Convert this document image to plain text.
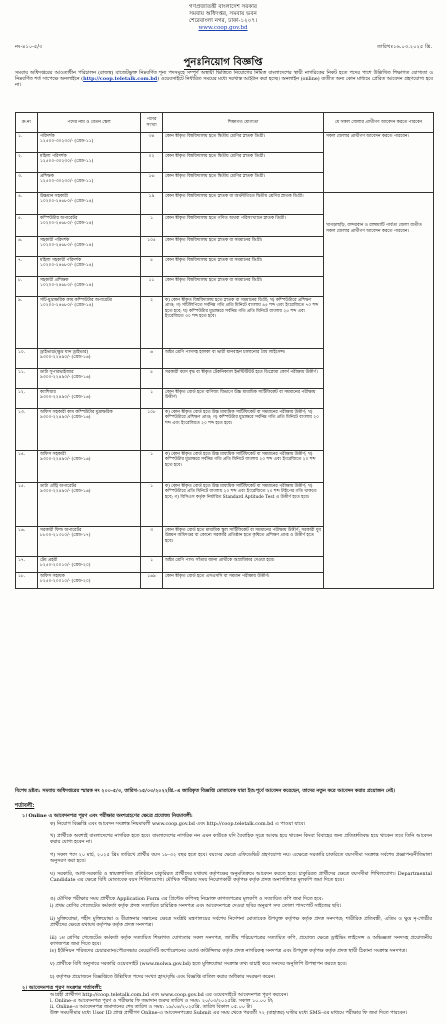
গণপ্রজাতন্ত্রী বাংলাদেশ সরকার
সমবায় অধিদপ্তর, সমবায় ভবন
শেরেবাংলা নগর, ঢাকা-১২০৭।
www.coop.gov.bd
নং-৪১০-৫/৩	তারিখঃ১৬.০৩.২০২৫ খ্রি.
পুনঃনিয়োগ বিজ্ঞপ্তি
সমবায় অধিদপ্তরের আওতাধীন পরিচালন (রাজস্ব) বাজেটভুক্ত নিম্নবর্ণিত শূন্য পদসমূহে সম্পূর্ণ অস্থায়ী ভিত্তিতে নিয়োগের নিমিত্ত বাংলাদেশের স্থায়ী নাগরিকের নিকট হতে পদের পাশে উল্লিখিত শিক্ষাগত যোগ্যতা ও নিম্নবর্ণিত শর্ত সাপেক্ষে অনলাইনে (http://coop.teletalk.com.bd) ওয়েবসাইটে নির্ধারিত সময়ের মধ্যে দরখাস্ত আহ্বান করা হচ্ছে। অনলাইন (online) ব্যতীত অন্য কোন মাধ্যমে প্রেরিত আবেদন গ্রহণযোগ্য হবে না।
ক্র.নং	পদের নাম ও বেতন স্কেল	পদের সংখ্যা	শিক্ষাগত যোগ্যতা	যে সকল জেলার প্রার্থীগণ আবেদন করতে পারবেন
১.	পরিদর্শক
১২৫০০-৩০২৩০/- (গ্রেড-১১)	৩৪	কোন স্বীকৃত বিশ্ববিদ্যালয় হতে দ্বিতীয় শ্রেণির স্নাতক ডিগ্রী।	সকল জেলার প্রার্থীগণ আবেদন করতে পারবেন।
২.	মহিলা পরিদর্শক
১২৫০০-৩০২৩০/- (গ্রেড-১১)	০২	কোন স্বীকৃত বিশ্ববিদ্যালয় হতে দ্বিতীয় শ্রেণির স্নাতক ডিগ্রী।	
৩.	প্রশিক্ষক
১২৫০০-৩০২৩০/- (গ্রেড-১১)	১৬	কোন স্বীকৃত বিশ্ববিদ্যালয় হতে দ্বিতীয় শ্রেণির স্নাতক ডিগ্রী।	
৪.	উচ্চমান সহকারী
১০২০০-২৪৬৮০/- (গ্রেড-১৪)	১৯	কোন স্বীকৃত বিশ্ববিদ্যালয় হতে স্নাতক বা অর্থনীতিতে দ্বিতীয় শ্রেণির স্নাতক ডিগ্রী।	খাগড়াছড়ি, বান্দরবান ও রাঙ্গামাটি পার্বত্য জেলা ব্যতীত সকল জেলার প্রার্থীগণ আবেদন করতে পারবেন।
৫.	কম্পিউটার অপারেটর
১০২০০-২৪৬৮০/- (গ্রেড-১৪)	১	কোন স্বীকৃত বিশ্ববিদ্যালয় হতে গণিত অথবা পরিসংখ্যানে স্নাতক ডিগ্রী।	
৬.	সহকারী পরিদর্শক
১০২০০-২৪৬৮০/- (গ্রেড-১৪)	১০৫	কোন স্বীকৃত বিশ্ববিদ্যালয় হতে স্নাতক বা সমমানের ডিগ্রী।	
৭.	মহিলা সহকারী পরিদর্শক
১০২০০-২৪৬৮০/- (গ্রেড-১৪)	৫	কোন স্বীকৃত বিশ্ববিদ্যালয় হতে স্নাতক বা সমমানের ডিগ্রী।	
৮.	সহকারী প্রশিক্ষক
১০২০০-২৪৬৮০/- (গ্রেড-১৪)	১১	কোন স্বীকৃত বিশ্ববিদ্যালয় হতে স্নাতক বা সমমানের ডিগ্রী।	
৯.	সাঁট-মুদ্রাক্ষরিক কাম কম্পিউটার অপারেটর
১০২০০-২৪৬৮০/- (গ্রেড-১৪)	২	ক) কোন স্বীকৃত বিশ্ববিদ্যালয় হতে স্নাতক বা সমমানের ডিগ্রী; খ) কম্পিউটারে প্রশিক্ষণ প্রাপ্ত; গ) সাঁটলিপিতে সর্বনিম্ন গতি প্রতি মিনিটে বাংলায় ৪৫ শব্দ এবং ইংরেজিতে ৭০ শব্দ হতে হবে; ঘ) কম্পিউটার মুদ্রাক্ষরে সর্বনিম্ন গতি প্রতি মিনিটে বাংলায় ২৫ শব্দ এবং ইংরেজিতে ৩০ শব্দ হতে হবে।	
১০.	ড্রাইভার/(ক্ষুদ্র যান ড্রাইভার)
৯৩০০-২২৪৯০/- (গ্রেড-১৬)	৬	অষ্টম শ্রেণি পাসসহ হালকা বা ভারী যানবাহন চালানোর বৈধ লাইসেন্স।	
১১.	ডাটা সুপারভাইজার
৯৩০০-২২৪৯০/- (গ্রেড-১৬)	৫	সরকারী বয়স বৃদ্ধ বা স্বীকৃত টেকনিক্যাল ইনস্টিটিউট হতে ডিপ্লোমা কোর্স পরীক্ষায় উত্তীর্ণ।	
১২.	ক্যাশিয়ার
৯৩০০-২২৪৯০/- (গ্রেড-১৬)	১	কোন স্বীকৃত বোর্ড হতে বাণিজ্য বিভাগে উচ্চ মাধ্যমিক সার্টিফিকেট বা সমমানের পরীক্ষায় উত্তীর্ণ।	
১৩.	অফিস সহকারী কাম কম্পিউটার মুদ্রাক্ষরিক
৯৩০০-২২৪৯০/- (গ্রেড-১৬)	১০৮	ক) কোন স্বীকৃত বোর্ড হতে উচ্চ মাধ্যমিক সার্টিফিকেট বা সমমানের পরীক্ষায় উত্তীর্ণ; খ) কম্পিউটারে প্রশিক্ষণ প্রাপ্ত; গ) কম্পিউটার মুদ্রাক্ষরে সর্বনিম্ন গতি প্রতি মিনিটে বাংলায় ২০ শব্দ এবং ইংরেজিতে ২০ শব্দ হতে হবে।	
১৪.	অফিস সহকারী
৯৩০০-২২৪৯০/- (গ্রেড-১৬)	১	ক) কোন স্বীকৃত বোর্ড হতে উচ্চ মাধ্যমিক সার্টিফিকেট বা সমমানের পরীক্ষায় উত্তীর্ণ; খ) কম্পিউটার মুদ্রাক্ষরে সর্বনিম্ন গতি প্রতি মিনিটে বাংলায় ২০ শব্দ এবং ইংরেজিতে ২০ শব্দ হতে হবে।	
১৫.	ডাটা এন্ট্রি অপারেটর
৯৩০০-২২৪৯০/- (গ্রেড-১৬)	১	ক) কোন স্বীকৃত বোর্ড হতে উচ্চ মাধ্যমিক সার্টিফিকেট বা সমমানের পরীক্ষায় উত্তীর্ণ; খ) কম্পিউটারে প্রতি মিনিটে বাংলায় ২০ শব্দ এবং ইংরেজিতে ২০ শব্দ টাইপের গতি থাকতে হবে; গ) বিসিএস কর্তৃক নির্ধারিত Standard Aptitude Test এ উত্তীর্ণ হতে হবে।	
১৬.	সরকারী ফিল্ড অপারেটর
৮৮০০-২১৩১০/- (গ্রেড-১৭)	৩	কোন স্বীকৃত বোর্ড হতে মাধ্যমিক স্কুল সার্টিফিকেট বা সমমানের পরীক্ষায় উত্তীর্ণ; সরকারী যুব উন্নয়ন অধিদপ্তর বা কোনো সরকারি প্রতিষ্ঠান হতে কৃষিতে প্রশিক্ষণ প্রাপ্ত ও উত্তীর্ণ হতে হবে।	
১৭.	টেম প্রহরী
৮২৫০-২০০১০/- (গ্রেড-২০)	১	অষ্টম শ্রেণি পাস। সাঁতার জানা প্রার্থীকে অগ্রাধিকার দেওয়া হবে।	
১৮.	অফিস সহায়ক
৮২৫০-২০০১০/- (গ্রেড-২০)	১৬৯	কোন স্বীকৃত বোর্ড হতে এসএসসি বা সমমান পরীক্ষায় উত্তীর্ণ।	
বিশেষ দ্রষ্টব্য: সমবায় অধিদপ্তরের স্মারক নং ২০০-৫/৩, তারিখ-১৫/০৩/২০২২খ্রি.-এ জারিকৃত বিজ্ঞপ্তি মোতাবেক যারা ইত:পূর্বে আবেদন করেছেন, তাদের নতুন করে আবেদন করার প্রয়োজন নেই।
শর্তাবলী:
১। Online এ আবেদনপত্র পূরণ এবং পরীক্ষার অংশগ্রহণের ক্ষেত্রে প্রযোজ্য নিয়মাবলী:
ক) নিয়োগ বিজ্ঞপ্তি এবং আবেদন সংক্রান্ত নিয়মাবলী www.coop.gov.bd এবং http://coop.teletalk.com.bd এ পাওয়া যাবে।
খ) প্রার্থীকে অবশ্যই বাংলাদেশের নাগরিক হতে হবে। বাংলাদেশের নাগরিক নন এমন কাউকে যদি বৈবাহিক সূত্রে আবদ্ধ হয়ে থাকেন কিংবা বিবাহের জন্য প্রতিশ্রুতিবদ্ধ হয়ে থাকেন তবে তিনি আবেদন করার যোগ্য হবেন না।
গ) সকল পদে ২০ মার্চ, ২০২৫ খ্রিঃ তারিখে প্রার্থীর বয়স ১৮-৩২ বছর হতে হবে। বয়সের ক্ষেত্রে এফিডেভিট গ্রহণযোগ্য নয়। এক্ষেত্রে সরকারি চাকরিতে বয়সসীমা সংক্রান্ত সর্বশেষ প্রজ্ঞাপন/নীতিমালা অনুসরণ করা হবে।
ঘ) সরকারি, আধা-সরকারি ও স্বায়ত্তশাসিত প্রতিষ্ঠানে চাকুরিরত প্রার্থীদের যথাযথ কর্তৃপক্ষের অনুমতিক্রমে আবেদন করতে হবে। চাকুরিরত প্রার্থীদের ক্ষেত্রে বয়সসীমা শিথিলযোগ্য। Departmental Candidate এর ক্ষেত্রে বিধি মোতাবেক বয়স শিথিলযোগ্য। মৌখিক পরীক্ষার সময় নিয়োগকারী কর্তৃপক্ষ কর্তৃক প্রদত্ত অনাপত্তিপত্র মূলকপি জমা দিতে হবে।
ঙ) মৌখিক পরীক্ষার সময় প্রার্থীকে Application Form এর প্রিন্টেড কপিসহ নিম্নোক্ত কাগজপত্রের মূলকপি ও সত্যায়িত কপি জমা দিতে হবে:
i) প্রথম শ্রেণির গেজেটেড কর্মকর্তা কর্তৃক প্রদত্ত সত্যায়িত চারিত্রিক সনদপত্র এবং আবেদনপত্রে দেওয়া ছবির অনুরূপ সদ্য তোলা পাসপোর্ট সাইজের ছবি।
ii) মুক্তিযোদ্ধা, শহীদ মুক্তিযোদ্ধা ও বীরাঙ্গনার সন্তানের ক্ষেত্রে সংশ্লিষ্ট মন্ত্রণালয়ের সর্বশেষ নির্দেশনা মোতাবেক উপযুক্ত কর্তৃপক্ষ কর্তৃক প্রদত্ত সনদপত্র; শারীরিক প্রতিবন্ধী, এতিম ও ক্ষুদ্র নৃ-গোষ্ঠীর প্রার্থীদের ক্ষেত্রে যথাযথ কর্তৃপক্ষ কর্তৃক প্রদত্ত সনদপত্র।
iii) ১ম শ্রেণির গেজেটেড কর্মকর্তা কর্তৃক সত্যায়িত শিক্ষাগত যোগ্যতার সকল সনদপত্র, জাতীয় পরিচয়পত্রের সত্যায়িত কপি, প্রযোজ্য ক্ষেত্রে ড্রাইভিং লাইসেন্স ও অভিজ্ঞতা সনদসহ প্রয়োজনীয় কাগজপত্র জমা দিতে হবে।
iv) ইউনিয়ন পরিষদের চেয়ারম্যান/পৌরসভার মেয়র/সিটি কর্পোরেশনের ওয়ার্ড কাউন্সিলর কর্তৃক প্রদত্ত নাগরিকত্ব সনদপত্র এবং উপযুক্ত কর্তৃপক্ষ কর্তৃক প্রদত্ত স্থায়ী ঠিকানা সংক্রান্ত সনদপত্র।
v) প্রার্থীকে বিধি অনুসারে সরকারি ওয়েবসাইট (www.molwa.gov.bd) হতে মুক্তিযোদ্ধা সংক্রান্ত তথ্য যাচাই করে সনদের অনুলিপি উপস্থাপন করতে হবে।
চ) কর্তৃপক্ষ প্রয়োজনে বিজ্ঞপ্তিতে উল্লিখিত পদের সংখ্যা হ্রাস/বৃদ্ধি এবং বিজ্ঞপ্তি বাতিল করার অধিকার সংরক্ষণ করেন।
২। আবেদনপত্র পূরণ সংক্রান্ত শর্তাবলী:
আগ্রহী প্রার্থীগণ http://coop.teletalk.com.bd এবং www.coop.gov.bd এর ওয়েবসাইটে আবেদনপত্র পূরণ করবেন।
i. Online-এ আবেদনপত্র পূরণ ও পরীক্ষার ফি জমাদান শুরুর তারিখ ও সময়: ২০/০৩/২০২৫খ্রি. সকাল ১০.০০ টা;
ii. Online-এ আবেদনপত্র জমাদানের শেষ তারিখ ও সময়: ১৯/০৪/২০২৫খ্রি. তারিখ বিকাল ০৫.০০ টা।
উক্ত সময়সীমার মধ্যে User ID প্রাপ্ত প্রার্থীগণ Online-এ আবেদনপত্রের Submit এর সময় থেকে পরবর্তী ৭২ (বাহাত্তর) ঘণ্টার মধ্যে SMS-এর মাধ্যমে পরীক্ষার ফি জমা দিতে পারবেন।
